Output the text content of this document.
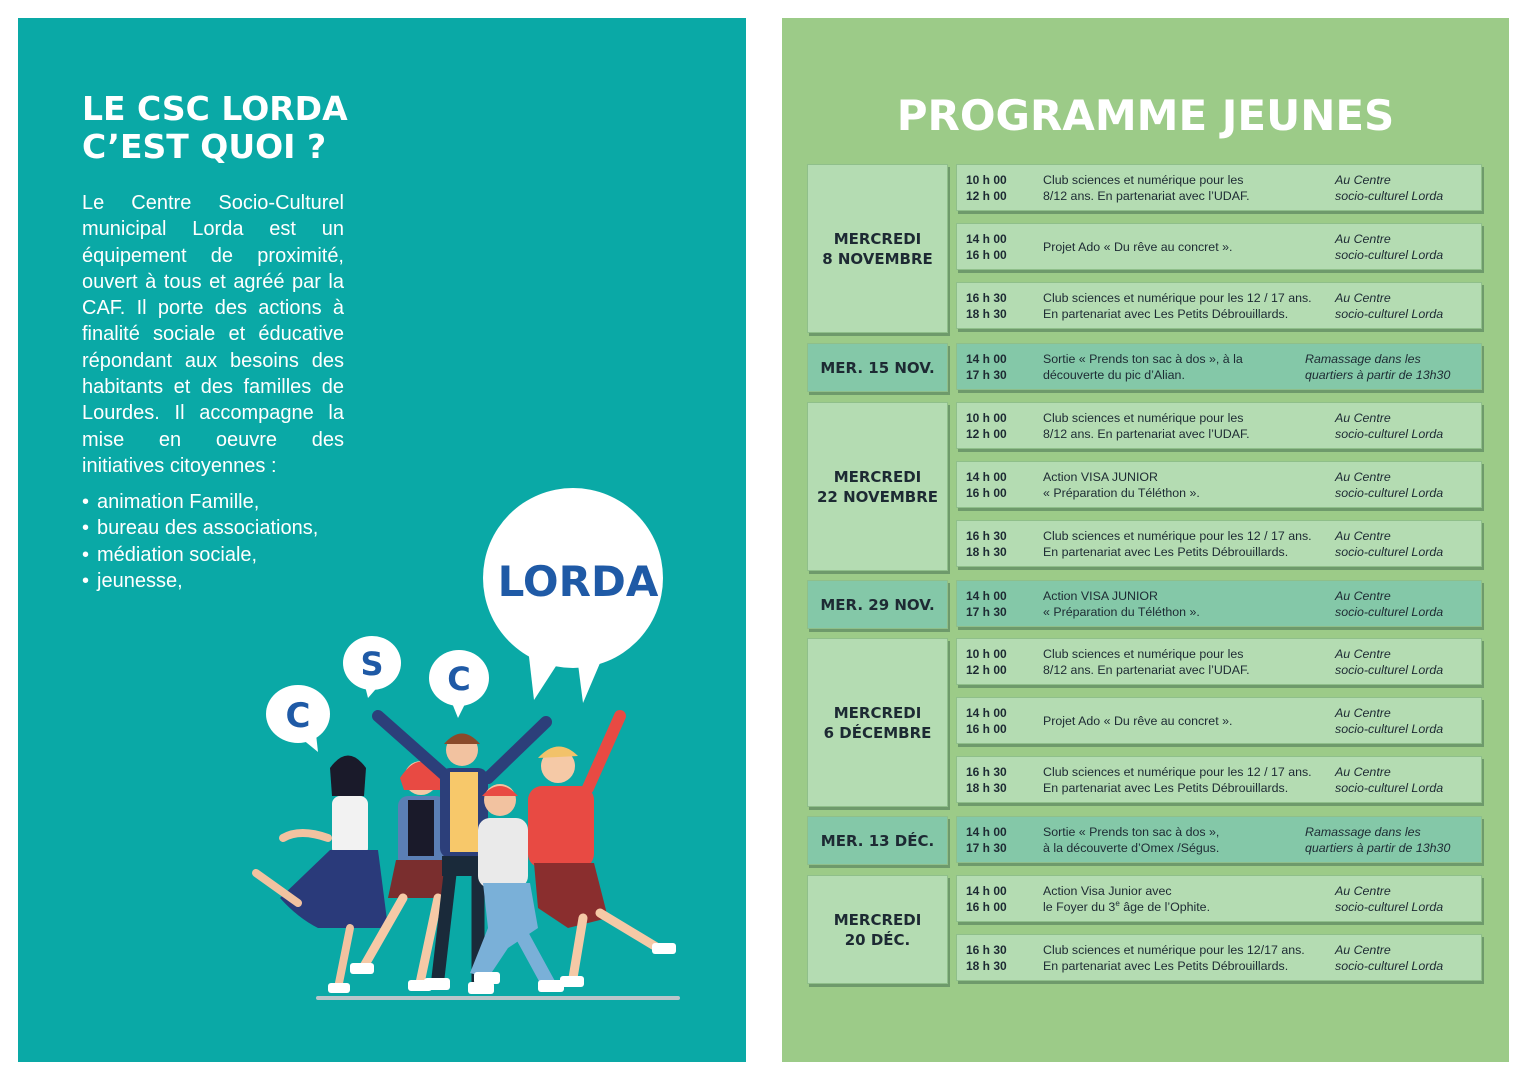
LE CSC LORDA
C’EST QUOI ?

Le Centre Socio-Culturel municipal Lorda est un équipement de proximité, ouvert à tous et agréé par la CAF. Il porte des actions à finalité sociale et éducative répondant aux besoins des habitants et des familles de Lourdes. Il accompagne la mise en oeuvre des initiatives citoyennes :

• animation Famille,
• bureau des associations,
• médiation sociale,
• jeunesse,
C
S C
LORDA
PROGRAMME JEUNES
MERCREDI
8 NOVEMBRE
MER. 15 NOV.
MERCREDI
22 NOVEMBRE
MER. 29 NOV.
MERCREDI
6 DÉCEMBRE
MER. 13 DÉC.
MERCREDI
20 DÉC.
10 h 00
12 h 00
Club sciences et numérique pour les
8/12 ans. En partenariat avec l’UDAF.
Au Centre
socio-culturel Lorda
14 h 00
16 h 00
Projet Ado « Du rêve au concret ».
Au Centre
socio-culturel Lorda
16 h 30
18 h 30
Club sciences et numérique pour les 12 / 17 ans.
En partenariat avec Les Petits Débrouillards.
Au Centre
socio-culturel Lorda
14 h 00
17 h 30
Sortie « Prends ton sac à dos », à la
découverte du pic d’Alian.
Ramassage dans les
quartiers à partir de 13h30
10 h 00
12 h 00
Club sciences et numérique pour les
8/12 ans. En partenariat avec l’UDAF.
Au Centre
socio-culturel Lorda
14 h 00
16 h 00
Action VISA JUNIOR
« Préparation du Téléthon ».
Au Centre
socio-culturel Lorda
16 h 30
18 h 30
Club sciences et numérique pour les 12 / 17 ans.
En partenariat avec Les Petits Débrouillards.
Au Centre
socio-culturel Lorda
14 h 00
17 h 30
Action VISA JUNIOR
« Préparation du Téléthon ».
Au Centre
socio-culturel Lorda
10 h 00
12 h 00
Club sciences et numérique pour les
8/12 ans. En partenariat avec l’UDAF.
Au Centre
socio-culturel Lorda
14 h 00
16 h 00
Projet Ado « Du rêve au concret ».
Au Centre
socio-culturel Lorda
16 h 30
18 h 30
Club sciences et numérique pour les 12 / 17 ans.
En partenariat avec Les Petits Débrouillards.
Au Centre
socio-culturel Lorda
14 h 00
17 h 30
Sortie « Prends ton sac à dos »,
à la découverte d’Omex /Ségus.
Ramassage dans les
quartiers à partir de 13h30
14 h 00
16 h 00
Action Visa Junior avec
le Foyer du 3e âge de l’Ophite.
Au Centre
socio-culturel Lorda
16 h 30
18 h 30
Club sciences et numérique pour les 12/17 ans.
En partenariat avec Les Petits Débrouillards.
Au Centre
socio-culturel Lorda
